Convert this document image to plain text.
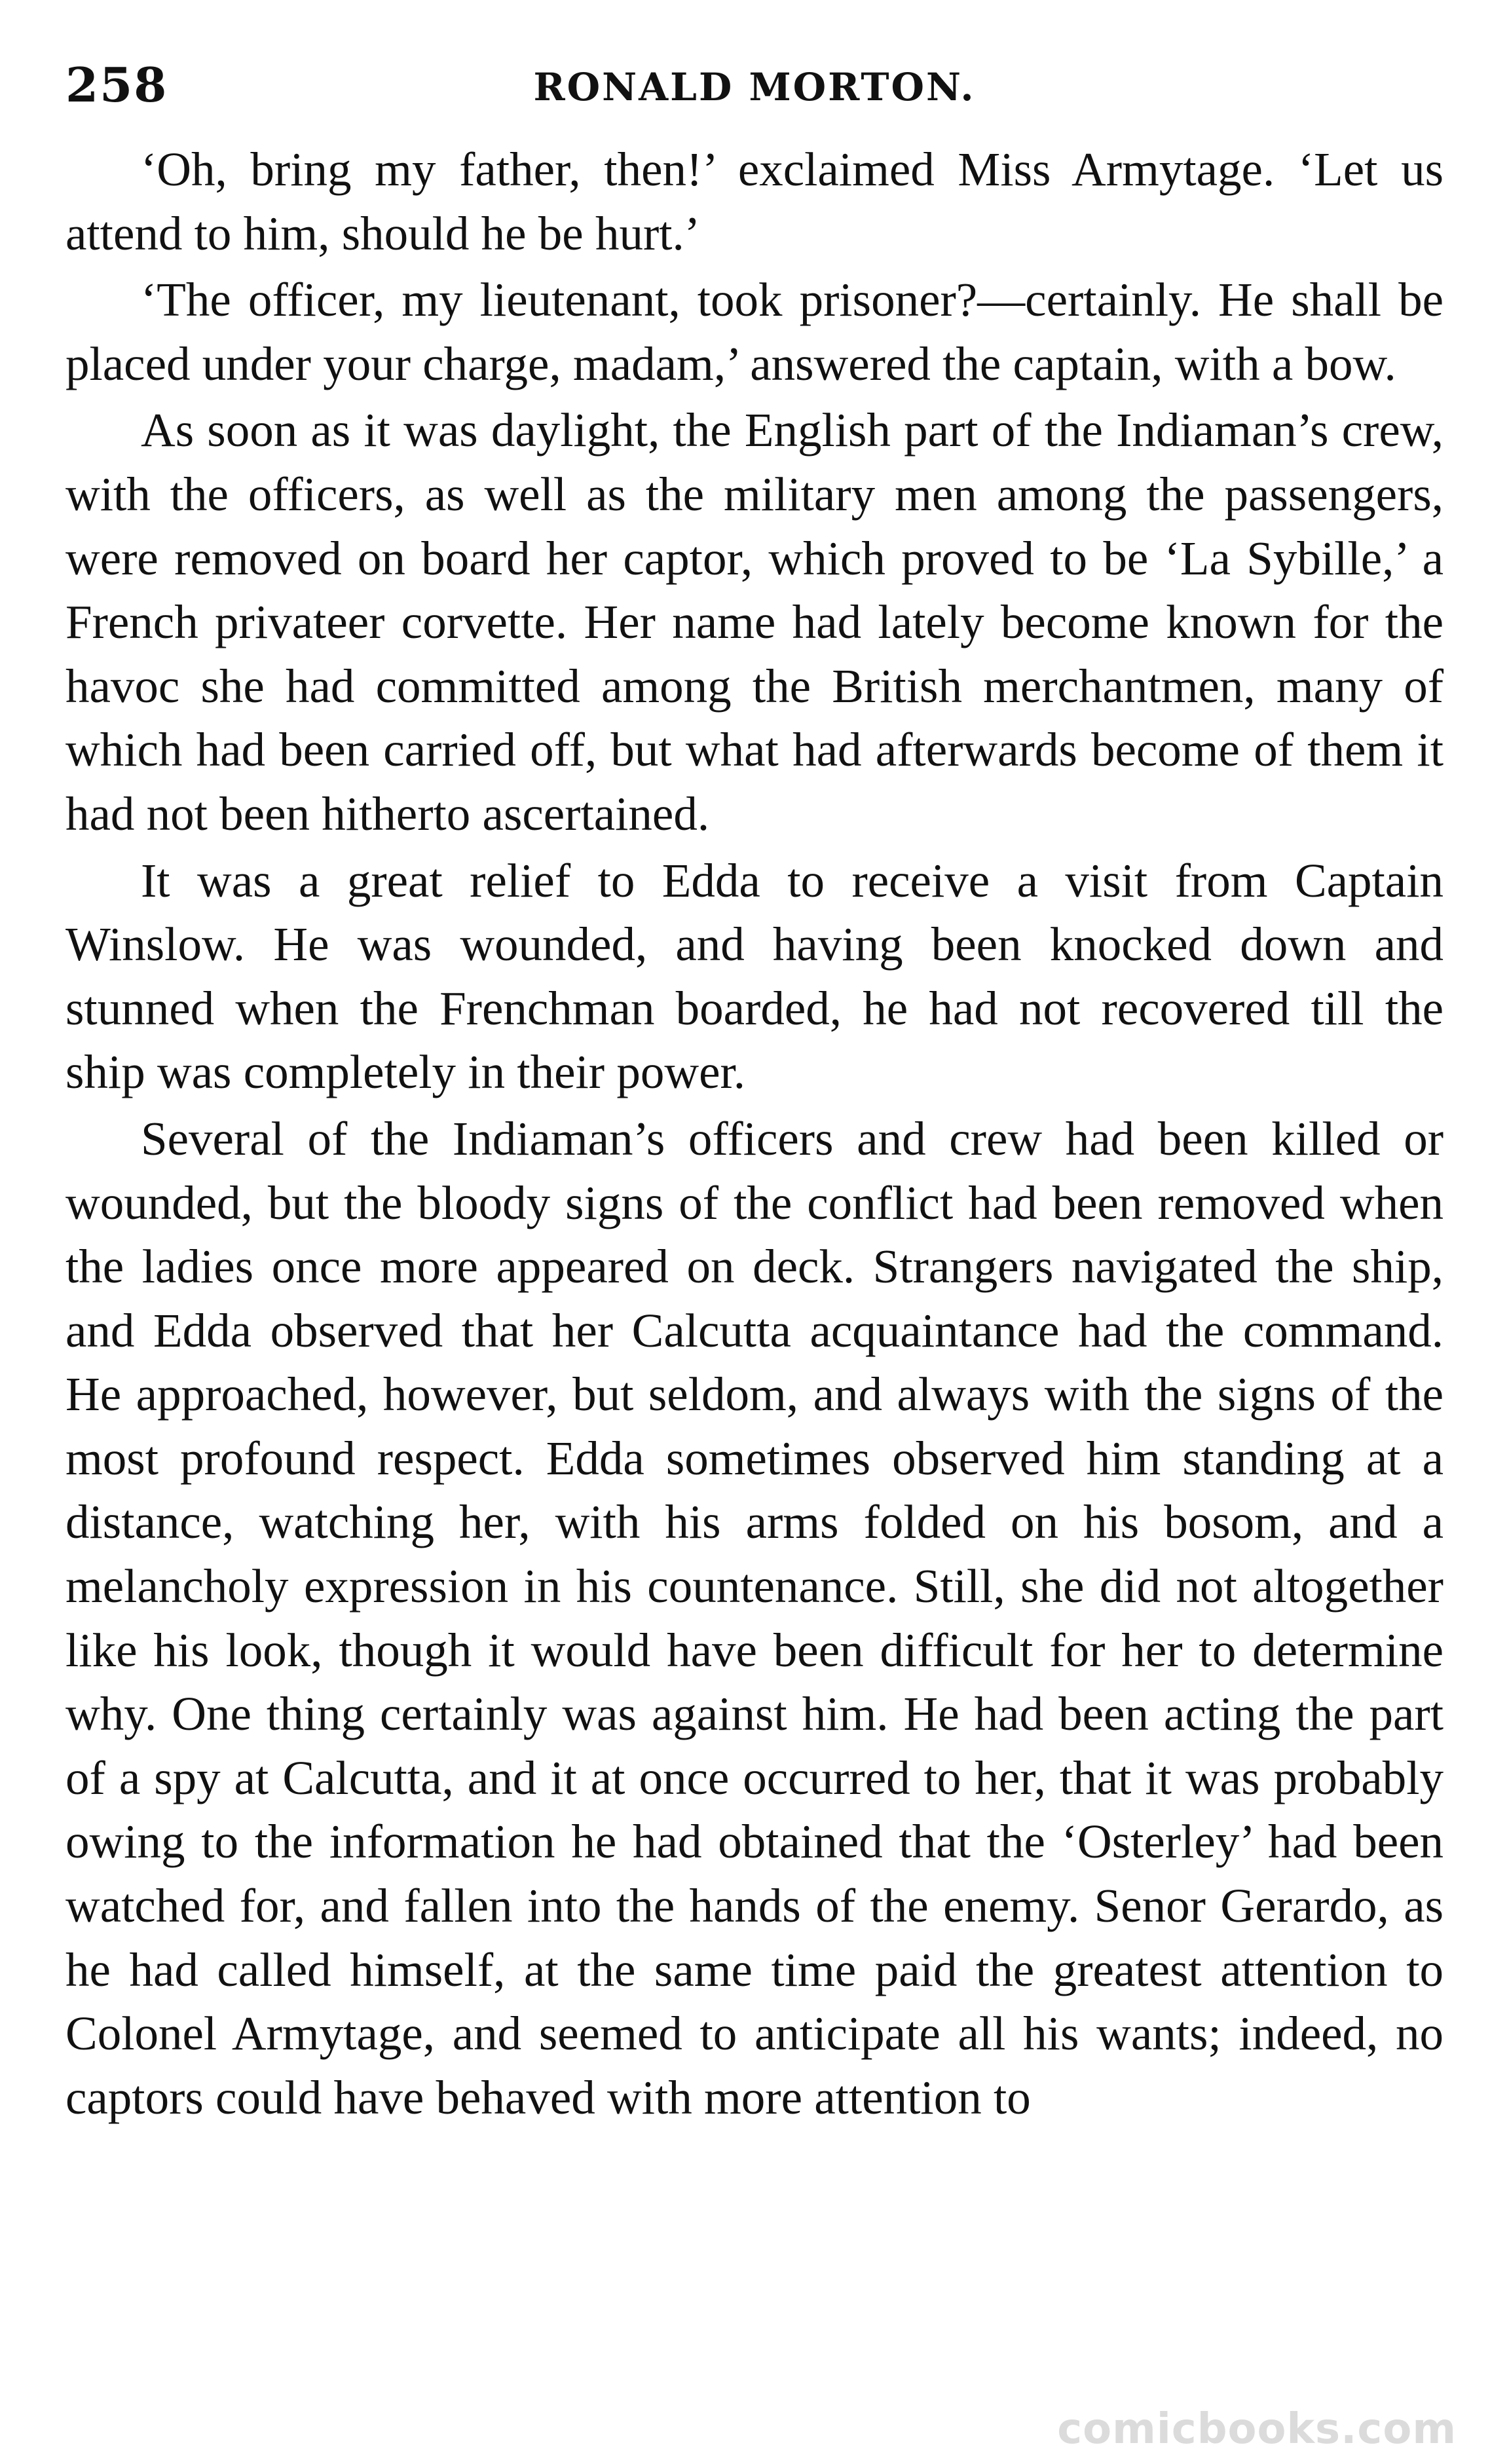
258	RONALD MORTON.

‘Oh, bring my father, then!’ exclaimed Miss Armytage. ‘Let us attend to him, should he be hurt.’

‘The officer, my lieutenant, took prisoner?—certainly. He shall be placed under your charge, madam,’ answered the captain, with a bow.

As soon as it was daylight, the English part of the Indiaman’s crew, with the officers, as well as the military men among the passengers, were removed on board her captor, which proved to be ‘La Sybille,’ a French privateer corvette. Her name had lately become known for the havoc she had committed among the British merchantmen, many of which had been carried off, but what had afterwards become of them it had not been hitherto ascertained.

It was a great relief to Edda to receive a visit from Captain Winslow. He was wounded, and having been knocked down and stunned when the Frenchman boarded, he had not recovered till the ship was completely in their power.

Several of the Indiaman’s officers and crew had been killed or wounded, but the bloody signs of the conflict had been removed when the ladies once more appeared on deck. Strangers navigated the ship, and Edda observed that her Calcutta acquaintance had the command. He approached, however, but seldom, and always with the signs of the most profound respect. Edda sometimes observed him standing at a distance, watching her, with his arms folded on his bosom, and a melancholy expression in his countenance. Still, she did not altogether like his look, though it would have been difficult for her to determine why. One thing certainly was against him. He had been acting the part of a spy at Calcutta, and it at once occurred to her, that it was probably owing to the information he had obtained that the ‘Osterley’ had been watched for, and fallen into the hands of the enemy. Senor Gerardo, as he had called himself, at the same time paid the greatest attention to Colonel Armytage, and seemed to anticipate all his wants; indeed, no captors could have behaved with more attention to

comicbooks.com
